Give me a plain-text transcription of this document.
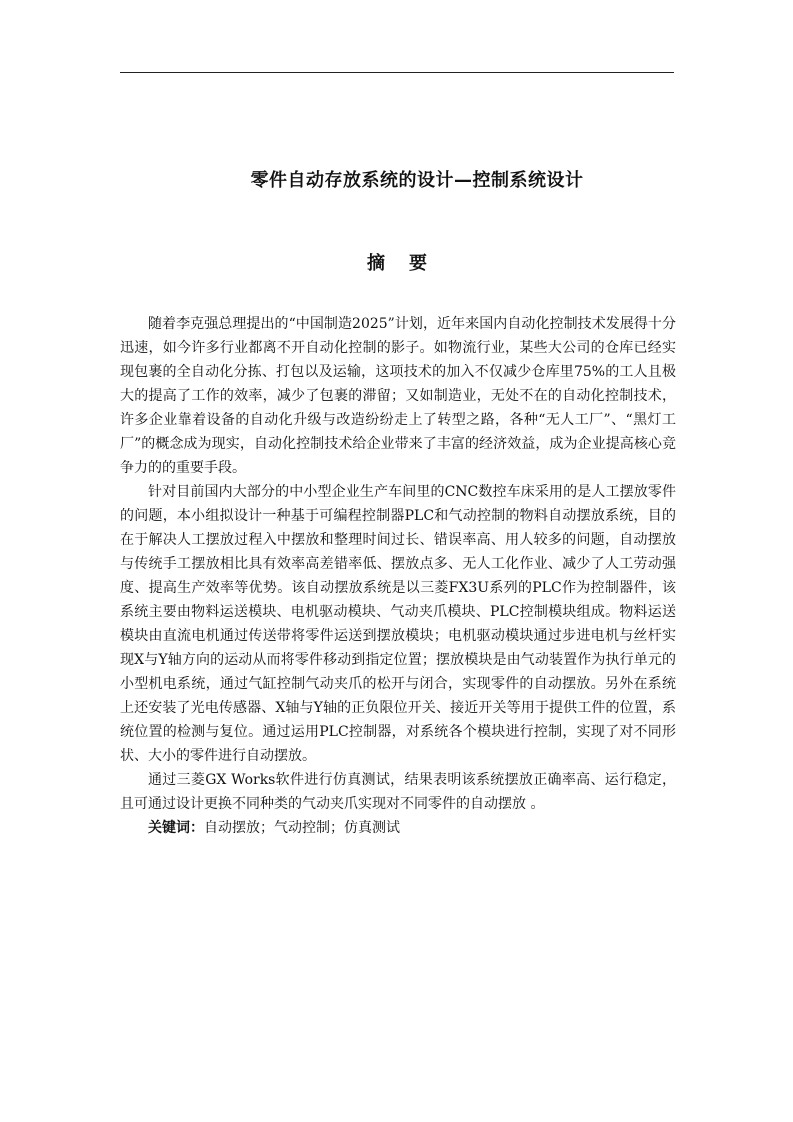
零件自动存放系统的设计—控制系统设计
摘要

随着李克强总理提出的“中国制造2025”计划，近年来国内自动化控制技术发展得十分迅速，如今许多行业都离不开自动化控制的影子。如物流行业，某些大公司的仓库已经实现包裹的全自动化分拣、打包以及运输，这项技术的加入不仅减少仓库里75%的工人且极大的提高了工作的效率，减少了包裹的滞留；又如制造业，无处不在的自动化控制技术，许多企业靠着设备的自动化升级与改造纷纷走上了转型之路，各种“无人工厂”、“黑灯工厂”的概念成为现实，自动化控制技术给企业带来了丰富的经济效益，成为企业提高核心竞争力的的重要手段。

针对目前国内大部分的中小型企业生产车间里的CNC数控车床采用的是人工摆放零件的问题，本小组拟设计一种基于可编程控制器PLC和气动控制的物料自动摆放系统，目的在于解决人工摆放过程入中摆放和整理时间过长、错误率高、用人较多的问题，自动摆放与传统手工摆放相比具有效率高差错率低、摆放点多、无人工化作业、减少了人工劳动强度、提高生产效率等优势。该自动摆放系统是以三菱FX3U系列的PLC作为控制器件，该系统主要由物料运送模块、电机驱动模块、气动夹爪模块、PLC控制模块组成。物料运送模块由直流电机通过传送带将零件运送到摆放模块；电机驱动模块通过步进电机与丝杆实现X与Y轴方向的运动从而将零件移动到指定位置；摆放模块是由气动装置作为执行单元的小型机电系统，通过气缸控制气动夹爪的松开与闭合，实现零件的自动摆放。另外在系统上还安装了光电传感器、X轴与Y轴的正负限位开关、接近开关等用于提供工件的位置，系统位置的检测与复位。通过运用PLC控制器，对系统各个模块进行控制，实现了对不同形状、大小的零件进行自动摆放。

通过三菱GX Works软件进行仿真测试，结果表明该系统摆放正确率高、运行稳定，且可通过设计更换不同种类的气动夹爪实现对不同零件的自动摆放 。

关键词：自动摆放；气动控制；仿真测试
